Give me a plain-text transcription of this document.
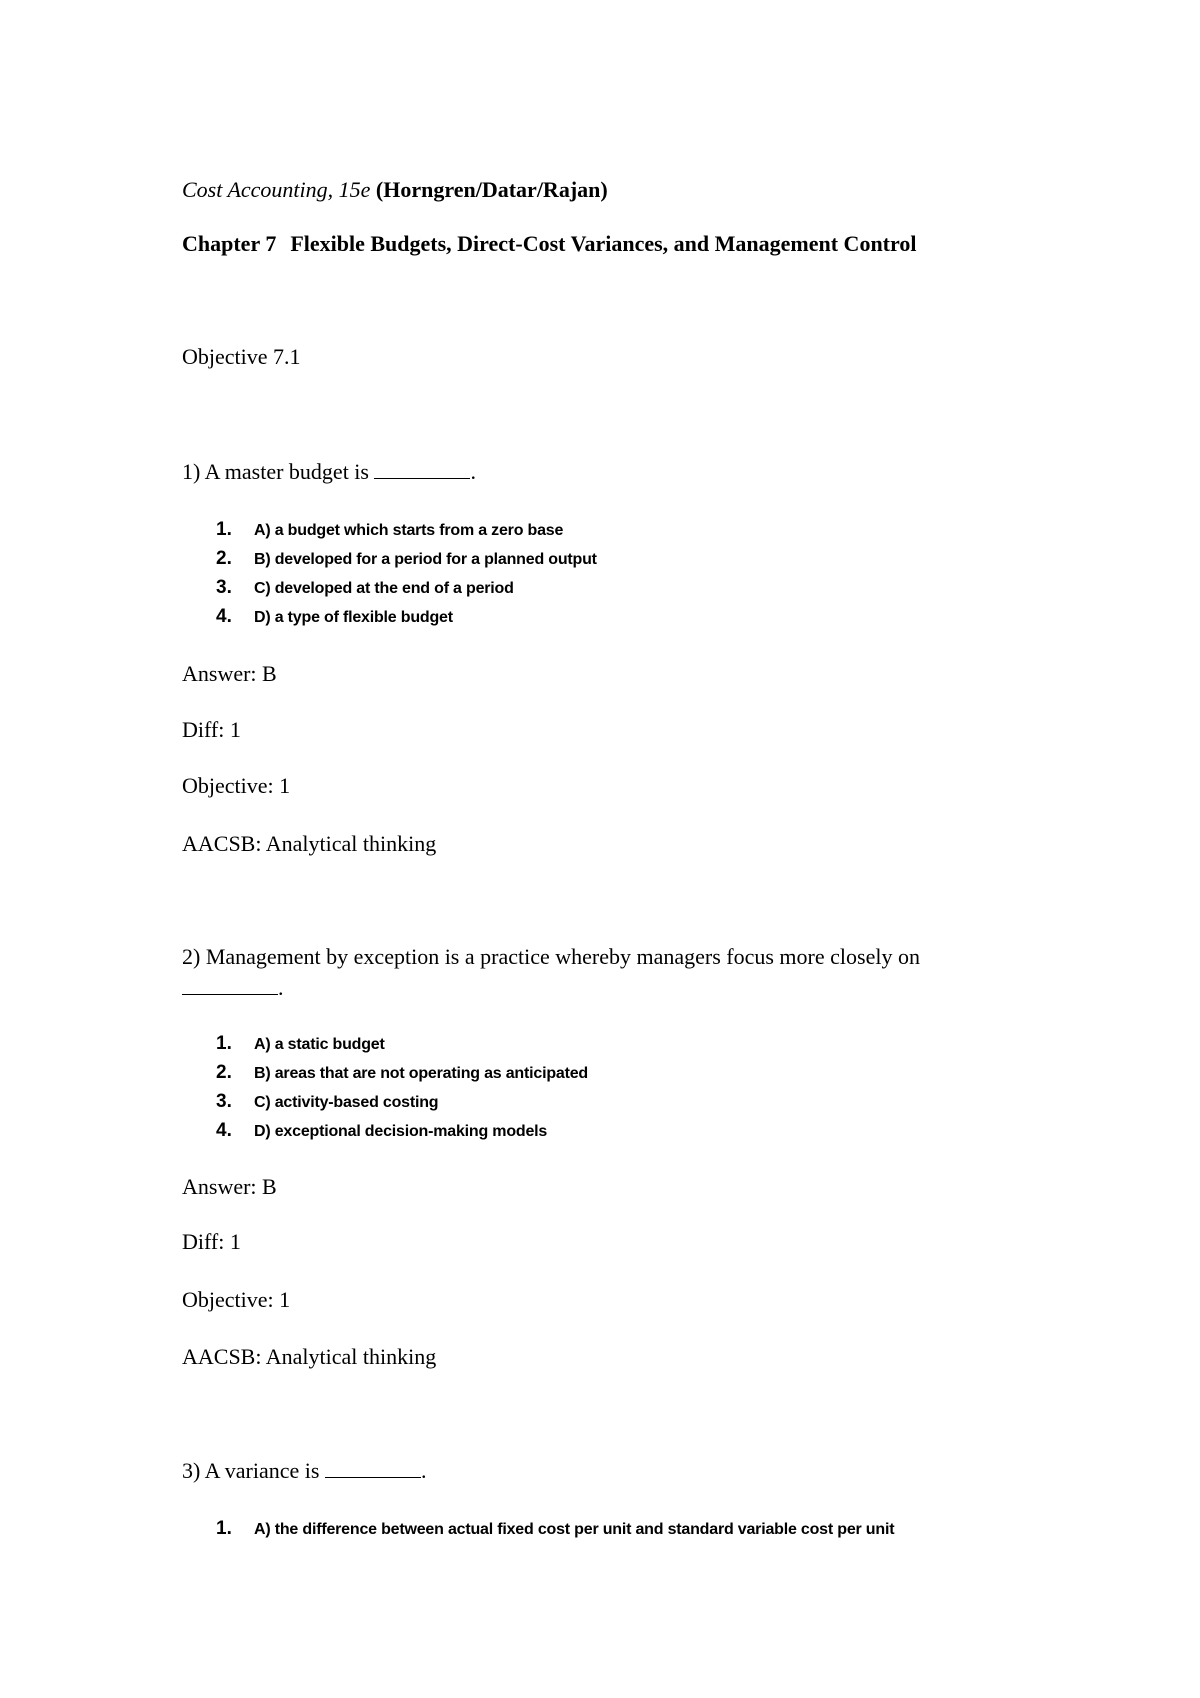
Cost Accounting, 15e (Horngren/Datar/Rajan)
Chapter 7 Flexible Budgets, Direct-Cost Variances, and Management Control
Objective 7.1
1) A master budget is	.
1. A) a budget which starts from a zero base
2. B) developed for a period for a planned output
3. C) developed at the end of a period
4. D) a type of flexible budget
Answer: B
Diff: 1
Objective: 1
AACSB: Analytical thinking
2) Management by exception is a practice whereby managers focus more closely on
.
1. A) a static budget
2. B) areas that are not operating as anticipated
3. C) activity-based costing
4. D) exceptional decision-making models
Answer: B
Diff: 1
Objective: 1
AACSB: Analytical thinking
3) A variance is	.
1. A) the difference between actual fixed cost per unit and standard variable cost per unit
